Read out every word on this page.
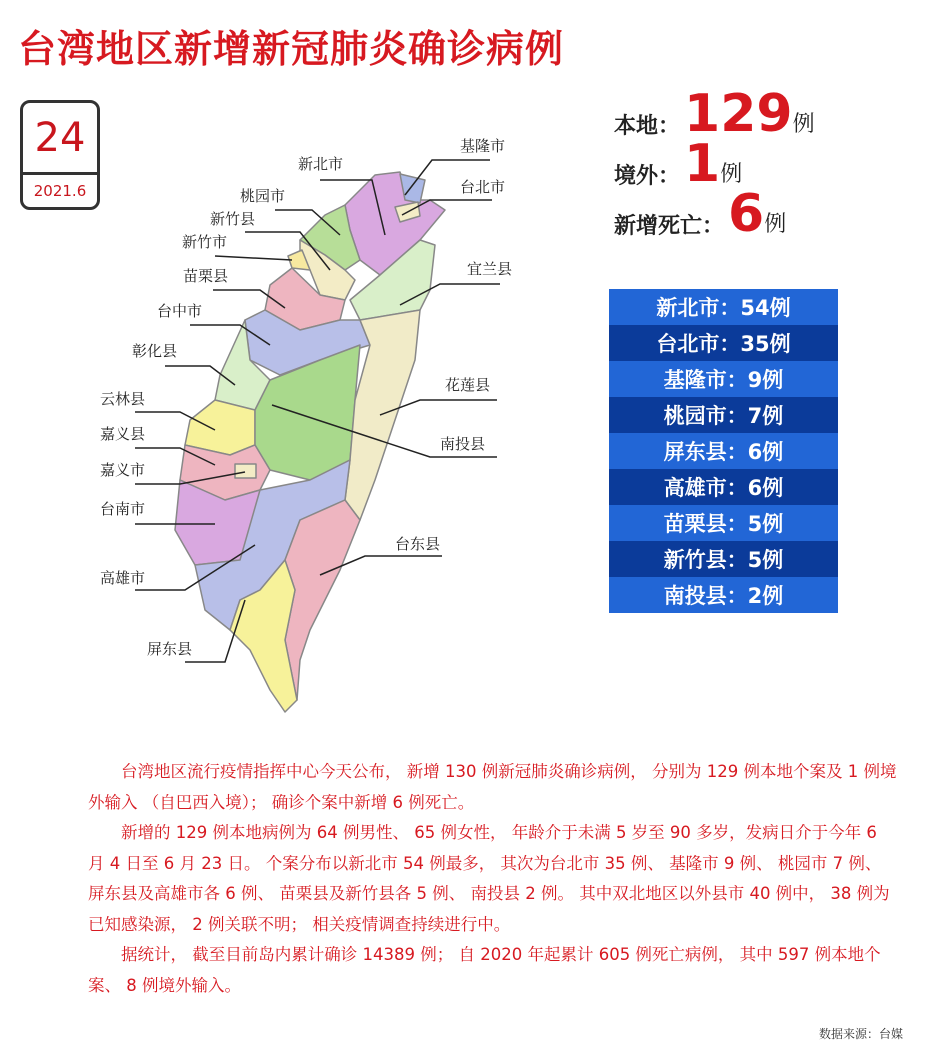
台湾地区新增新冠肺炎确诊病例
24
2021.6
基隆市
新北市
台北市
桃园市
新竹县
新竹市
苗栗县
台中市
宜兰县
彰化县
花莲县
云林县
南投县
嘉义县
嘉义市
台南市
台东县
高雄市
屏东县
本地： 129 例
境外： 1 例
新增死亡： 6 例
新北市：54例
台北市：35例
基隆市：9例
桃园市：7例
屏东县：6例
高雄市：6例
苗栗县：5例
新竹县：5例
南投县：2例

台湾地区流行疫情指挥中心今天公布， 新增 130 例新冠肺炎确诊病例， 分别为 129 例本地个案及 1 例境外输入 （自巴西入境）； 确诊个案中新增 6 例死亡。

新增的 129 例本地病例为 64 例男性、 65 例女性， 年龄介于未满 5 岁至 90 多岁，发病日介于今年 6 月 4 日至 6 月 23 日。 个案分布以新北市 54 例最多， 其次为台北市 35 例、 基隆市 9 例、 桃园市 7 例、 屏东县及高雄市各 6 例、 苗栗县及新竹县各 5 例、 南投县 2 例。 其中双北地区以外县市 40 例中， 38 例为已知感染源， 2 例关联不明； 相关疫情调查持续进行中。

据统计， 截至目前岛内累计确诊 14389 例； 自 2020 年起累计 605 例死亡病例， 其中 597 例本地个案、 8 例境外输入。

数据来源：台媒
